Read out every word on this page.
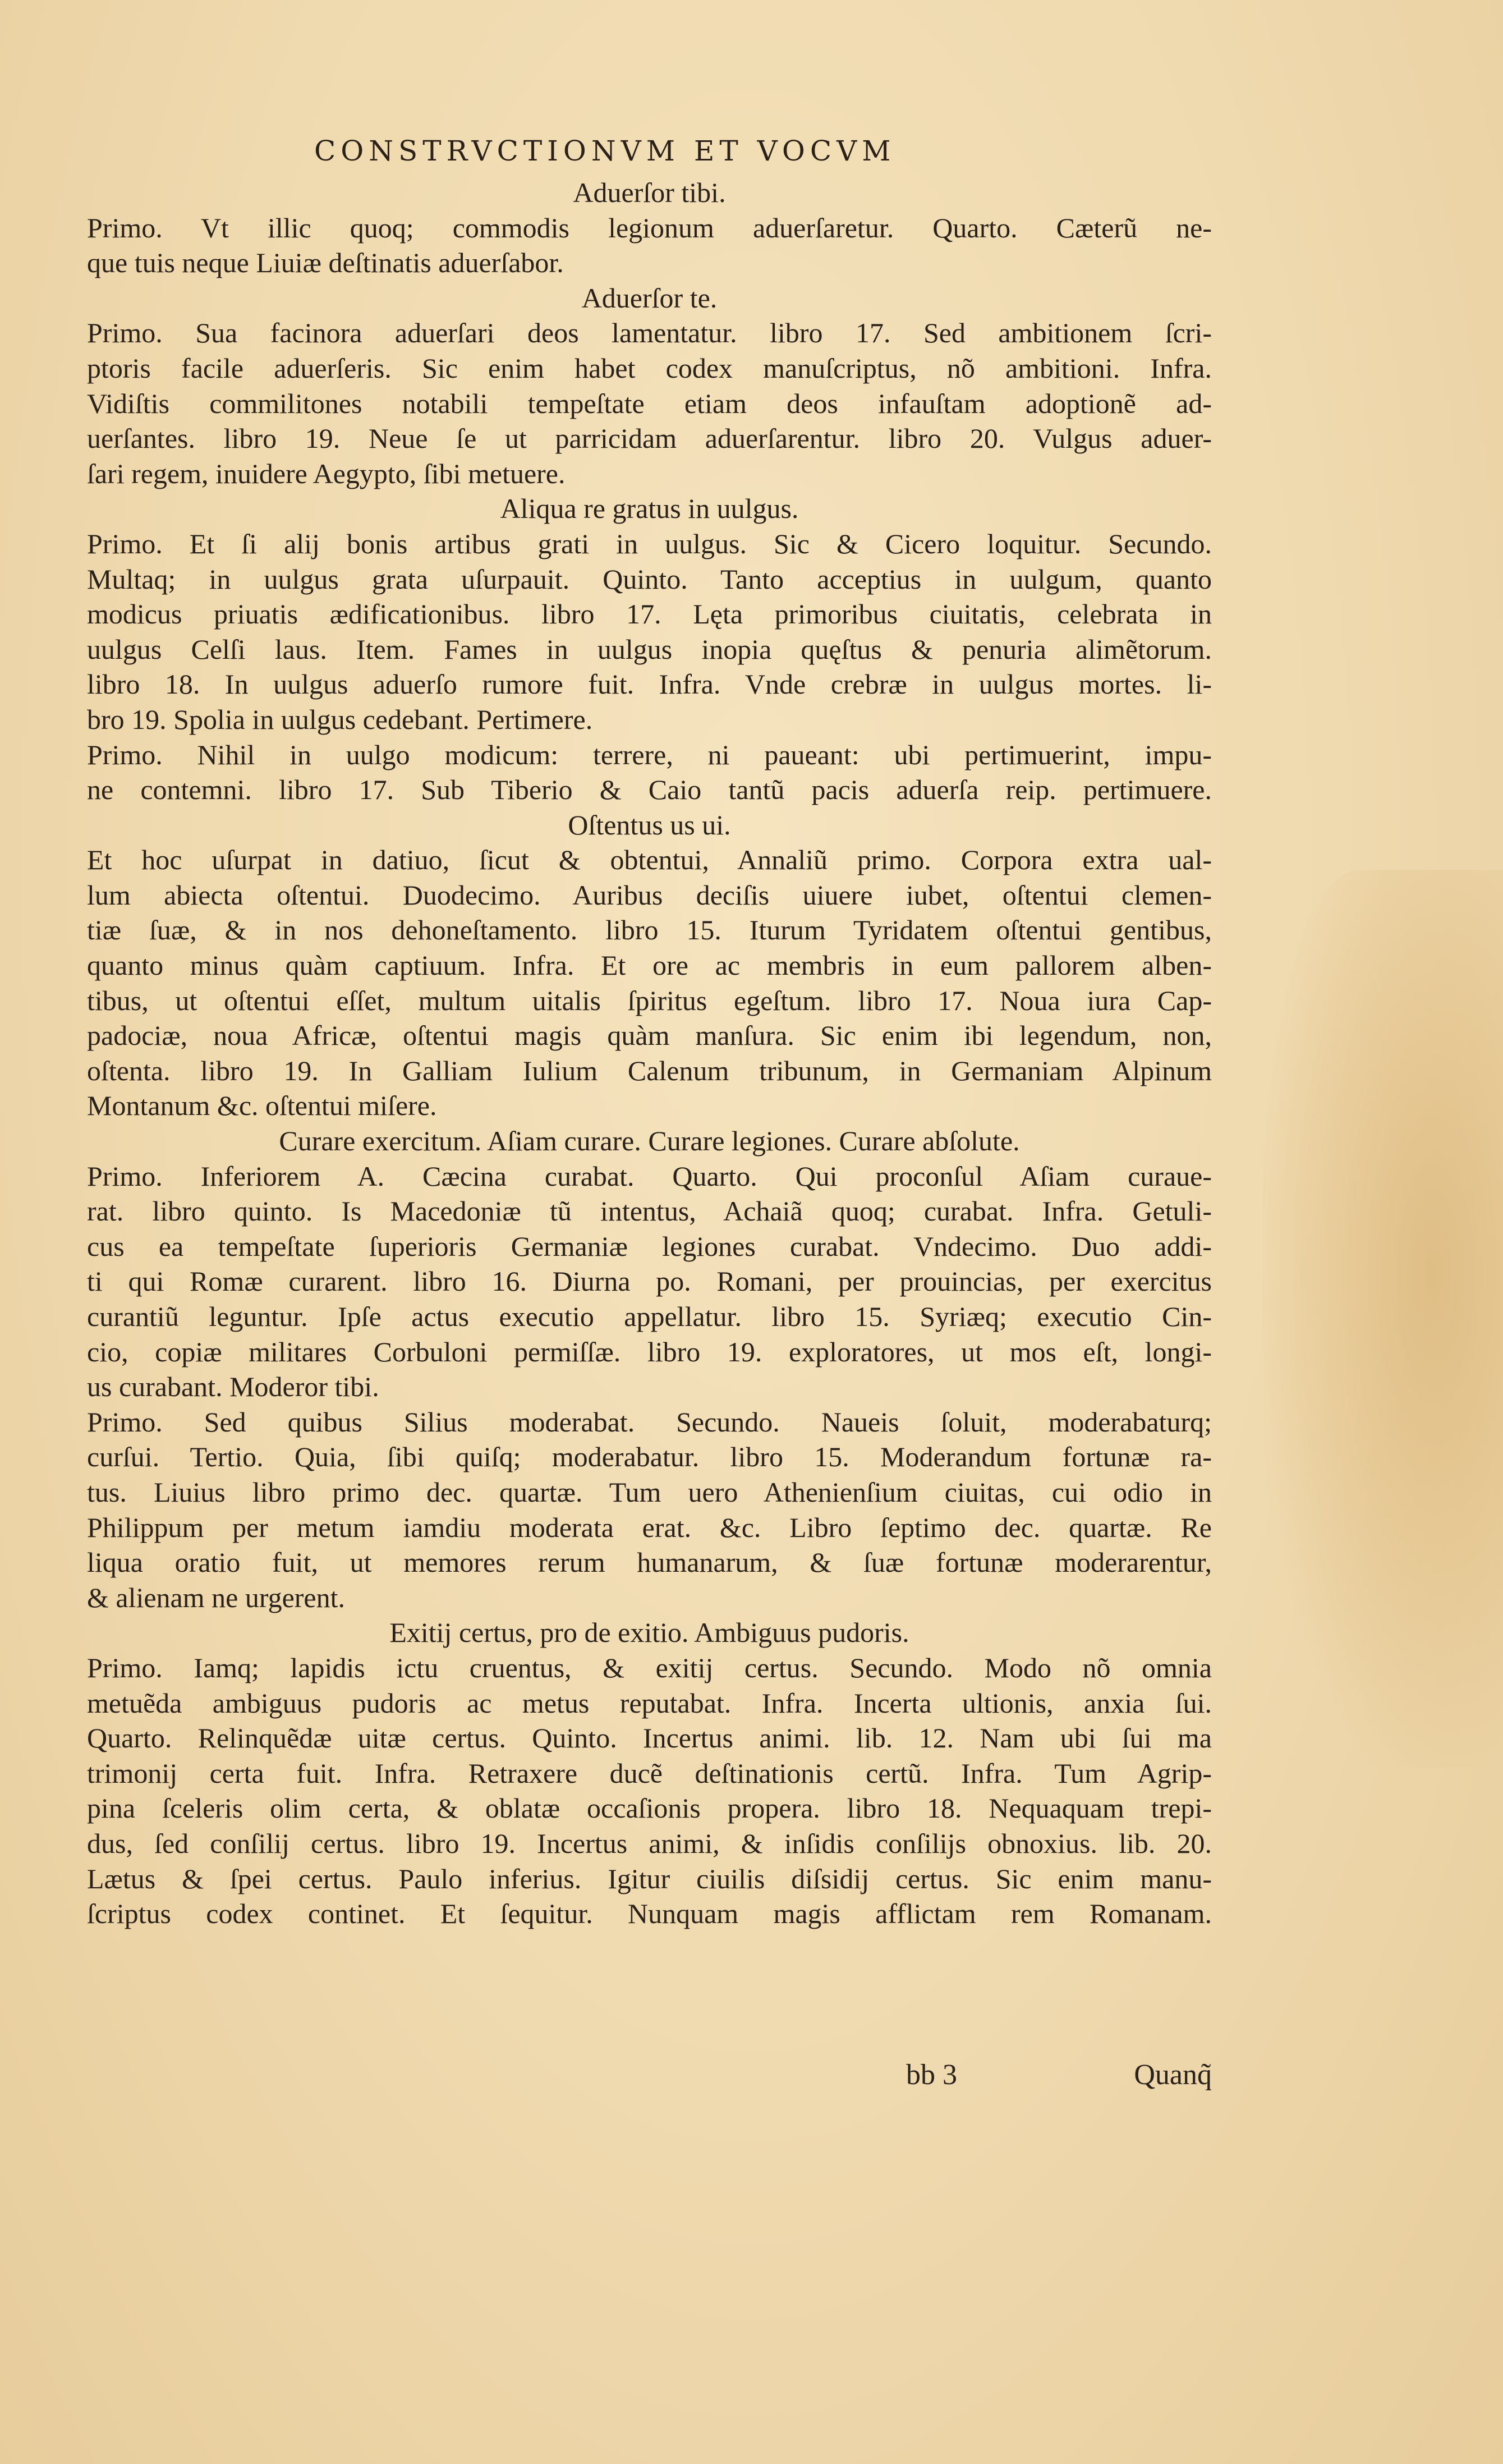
CONSTRVCTIONVM ET VOCVM
Aduerſor tibi.
Primo. Vt illic quoq; commodis legionum aduerſaretur. Quarto. Cæterũ ne-
que tuis neque Liuiæ deſtinatis aduerſabor.
Aduerſor te.
Primo. Sua facinora aduerſari deos lamentatur. libro 17. Sed ambitionem ſcri-
ptoris facile aduerſeris. Sic enim habet codex manuſcriptus, nõ ambitioni. Infra.
Vidiſtis commilitones notabili tempeſtate etiam deos infauſtam adoptionẽ ad-
uerſantes. libro 19. Neue ſe ut parricidam aduerſarentur. libro 20. Vulgus aduer-
ſari regem, inuidere Aegypto, ſibi metuere.
Aliqua re gratus in uulgus.
Primo. Et ſi alij bonis artibus grati in uulgus. Sic & Cicero loquitur. Secundo.
Multaq; in uulgus grata uſurpauit. Quinto. Tanto acceptius in uulgum, quanto
modicus priuatis ædificationibus. libro 17. Lęta primoribus ciuitatis, celebrata in
uulgus Celſi laus. Item. Fames in uulgus inopia quęſtus & penuria alimẽtorum.
libro 18. In uulgus aduerſo rumore fuit. Infra. Vnde crebræ in uulgus mortes. li-
bro 19. Spolia in uulgus cedebant. Pertimere.
Primo. Nihil in uulgo modicum: terrere, ni paueant: ubi pertimuerint, impu-
ne contemni. libro 17. Sub Tiberio & Caio tantũ pacis aduerſa reip. pertimuere.
Oſtentus us ui.
Et hoc uſurpat in datiuo, ſicut & obtentui, Annaliũ primo. Corpora extra ual-
lum abiecta oſtentui. Duodecimo. Auribus deciſis uiuere iubet, oſtentui clemen-
tiæ ſuæ, & in nos dehoneſtamento. libro 15. Iturum Tyridatem oſtentui gentibus,
quanto minus quàm captiuum. Infra. Et ore ac membris in eum pallorem alben-
tibus, ut oſtentui eſſet, multum uitalis ſpiritus egeſtum. libro 17. Noua iura Cap-
padociæ, noua Africæ, oſtentui magis quàm manſura. Sic enim ibi legendum, non,
oſtenta. libro 19. In Galliam Iulium Calenum tribunum, in Germaniam Alpinum
Montanum &c. oſtentui miſere.
Curare exercitum. Aſiam curare. Curare legiones. Curare abſolute.
Primo. Inferiorem A. Cæcina curabat. Quarto. Qui proconſul Aſiam curaue-
rat. libro quinto. Is Macedoniæ tũ intentus, Achaiã quoq; curabat. Infra. Getuli-
cus ea tempeſtate ſuperioris Germaniæ legiones curabat. Vndecimo. Duo addi-
ti qui Romæ curarent. libro 16. Diurna po. Romani, per prouincias, per exercitus
curantiũ leguntur. Ipſe actus executio appellatur. libro 15. Syriæq; executio Cin-
cio, copiæ militares Corbuloni permiſſæ. libro 19. exploratores, ut mos eſt, longi-
us curabant. Moderor tibi.
Primo. Sed quibus Silius moderabat. Secundo. Naueis ſoluit, moderabaturq;
curſui. Tertio. Quia, ſibi quiſq; moderabatur. libro 15. Moderandum fortunæ ra-
tus. Liuius libro primo dec. quartæ. Tum uero Athenienſium ciuitas, cui odio in
Philippum per metum iamdiu moderata erat. &c. Libro ſeptimo dec. quartæ. Re
liqua oratio fuit, ut memores rerum humanarum, & ſuæ fortunæ moderarentur,
& alienam ne urgerent.
Exitij certus, pro de exitio. Ambiguus pudoris.
Primo. Iamq; lapidis ictu cruentus, & exitij certus. Secundo. Modo nõ omnia
metuẽda ambiguus pudoris ac metus reputabat. Infra. Incerta ultionis, anxia ſui.
Quarto. Relinquẽdæ uitæ certus. Quinto. Incertus animi. lib. 12. Nam ubi ſui ma
trimonij certa fuit. Infra. Retraxere ducẽ deſtinationis certũ. Infra. Tum Agrip-
pina ſceleris olim certa, & oblatæ occaſionis propera. libro 18. Nequaquam trepi-
dus, ſed conſilij certus. libro 19. Incertus animi, & inſidis conſilijs obnoxius. lib. 20.
Lætus & ſpei certus. Paulo inferius. Igitur ciuilis diſsidij certus. Sic enim manu-
ſcriptus codex continet. Et ſequitur. Nunquam magis afflictam rem Romanam.
bb 3	Quanq̃
